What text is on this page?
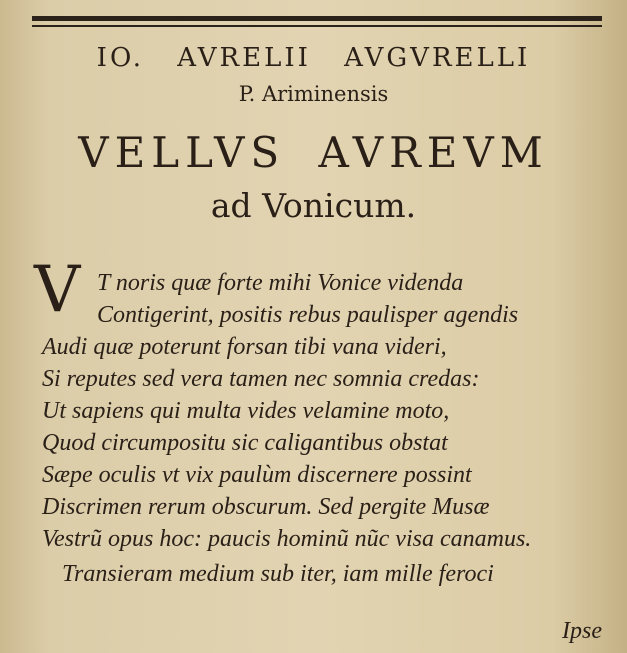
IO. AVRELII AVGVRELLI
P. Ariminensis
VELLVS AVREVM
ad Vonicum.
V T noris quæ forte mihi Vonice videnda
Contigerint, positis rebus paulisper agendis
Audi quæ poterunt forsan tibi vana videri,
Si reputes sed vera tamen nec somnia credas:
Ut sapiens qui multa vides velamine moto,
Quod circumpositu sic caligantibus obstat
Sæpe oculis vt vix paulùm discernere possint
Discrimen rerum obscurum. Sed pergite Musæ
Vestrũ opus hoc: paucis hominũ nũc visa canamus.
Transieram medium sub iter, iam mille feroci
Ipse
